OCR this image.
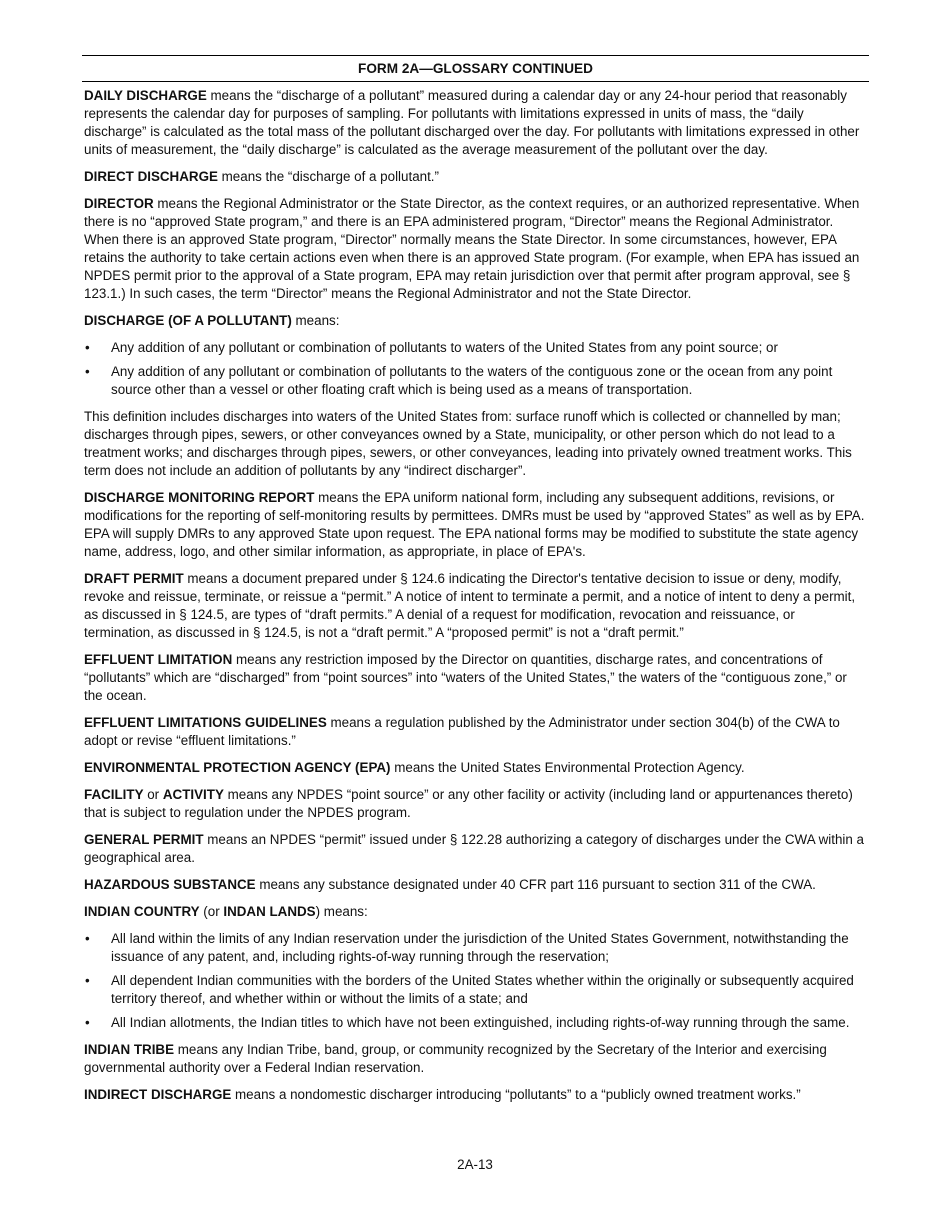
FORM 2A—GLOSSARY CONTINUED

DAILY DISCHARGE means the “discharge of a pollutant” measured during a calendar day or any 24-hour period that reasonably represents the calendar day for purposes of sampling. For pollutants with limitations expressed in units of mass, the “daily discharge” is calculated as the total mass of the pollutant discharged over the day. For pollutants with limitations expressed in other units of measurement, the “daily discharge” is calculated as the average measurement of the pollutant over the day.

DIRECT DISCHARGE means the “discharge of a pollutant.”

DIRECTOR means the Regional Administrator or the State Director, as the context requires, or an authorized representative. When there is no “approved State program,” and there is an EPA administered program, “Director” means the Regional Administrator. When there is an approved State program, “Director” normally means the State Director. In some circumstances, however, EPA retains the authority to take certain actions even when there is an approved State program. (For example, when EPA has issued an NPDES permit prior to the approval of a State program, EPA may retain jurisdiction over that permit after program approval, see § 123.1.) In such cases, the term “Director” means the Regional Administrator and not the State Director.

DISCHARGE (OF A POLLUTANT) means:

• Any addition of any pollutant or combination of pollutants to waters of the United States from any point source; or
• Any addition of any pollutant or combination of pollutants to the waters of the contiguous zone or the ocean from any point source other than a vessel or other floating craft which is being used as a means of transportation.

This definition includes discharges into waters of the United States from: surface runoff which is collected or channelled by man; discharges through pipes, sewers, or other conveyances owned by a State, municipality, or other person which do not lead to a treatment works; and discharges through pipes, sewers, or other conveyances, leading into privately owned treatment works. This term does not include an addition of pollutants by any “indirect discharger”.

DISCHARGE MONITORING REPORT means the EPA uniform national form, including any subsequent additions, revisions, or modifications for the reporting of self-monitoring results by permittees. DMRs must be used by “approved States” as well as by EPA. EPA will supply DMRs to any approved State upon request. The EPA national forms may be modified to substitute the state agency name, address, logo, and other similar information, as appropriate, in place of EPA's.

DRAFT PERMIT means a document prepared under § 124.6 indicating the Director's tentative decision to issue or deny, modify, revoke and reissue, terminate, or reissue a “permit.” A notice of intent to terminate a permit, and a notice of intent to deny a permit, as discussed in § 124.5, are types of “draft permits.” A denial of a request for modification, revocation and reissuance, or termination, as discussed in § 124.5, is not a “draft permit.” A “proposed permit” is not a “draft permit.”

EFFLUENT LIMITATION means any restriction imposed by the Director on quantities, discharge rates, and concentrations of “pollutants” which are “discharged” from “point sources” into “waters of the United States,” the waters of the “contiguous zone,” or the ocean.

EFFLUENT LIMITATIONS GUIDELINES means a regulation published by the Administrator under section 304(b) of the CWA to adopt or revise “effluent limitations.”

ENVIRONMENTAL PROTECTION AGENCY (EPA) means the United States Environmental Protection Agency.

FACILITY or ACTIVITY means any NPDES “point source” or any other facility or activity (including land or appurtenances thereto) that is subject to regulation under the NPDES program.

GENERAL PERMIT means an NPDES “permit” issued under § 122.28 authorizing a category of discharges under the CWA within a geographical area.

HAZARDOUS SUBSTANCE means any substance designated under 40 CFR part 116 pursuant to section 311 of the CWA.

INDIAN COUNTRY (or INDAN LANDS) means:

• All land within the limits of any Indian reservation under the jurisdiction of the United States Government, notwithstanding the issuance of any patent, and, including rights-of-way running through the reservation;
• All dependent Indian communities with the borders of the United States whether within the originally or subsequently acquired territory thereof, and whether within or without the limits of a state; and
• All Indian allotments, the Indian titles to which have not been extinguished, including rights-of-way running through the same.

INDIAN TRIBE means any Indian Tribe, band, group, or community recognized by the Secretary of the Interior and exercising governmental authority over a Federal Indian reservation.

INDIRECT DISCHARGE means a nondomestic discharger introducing “pollutants” to a “publicly owned treatment works.”

2A-13
